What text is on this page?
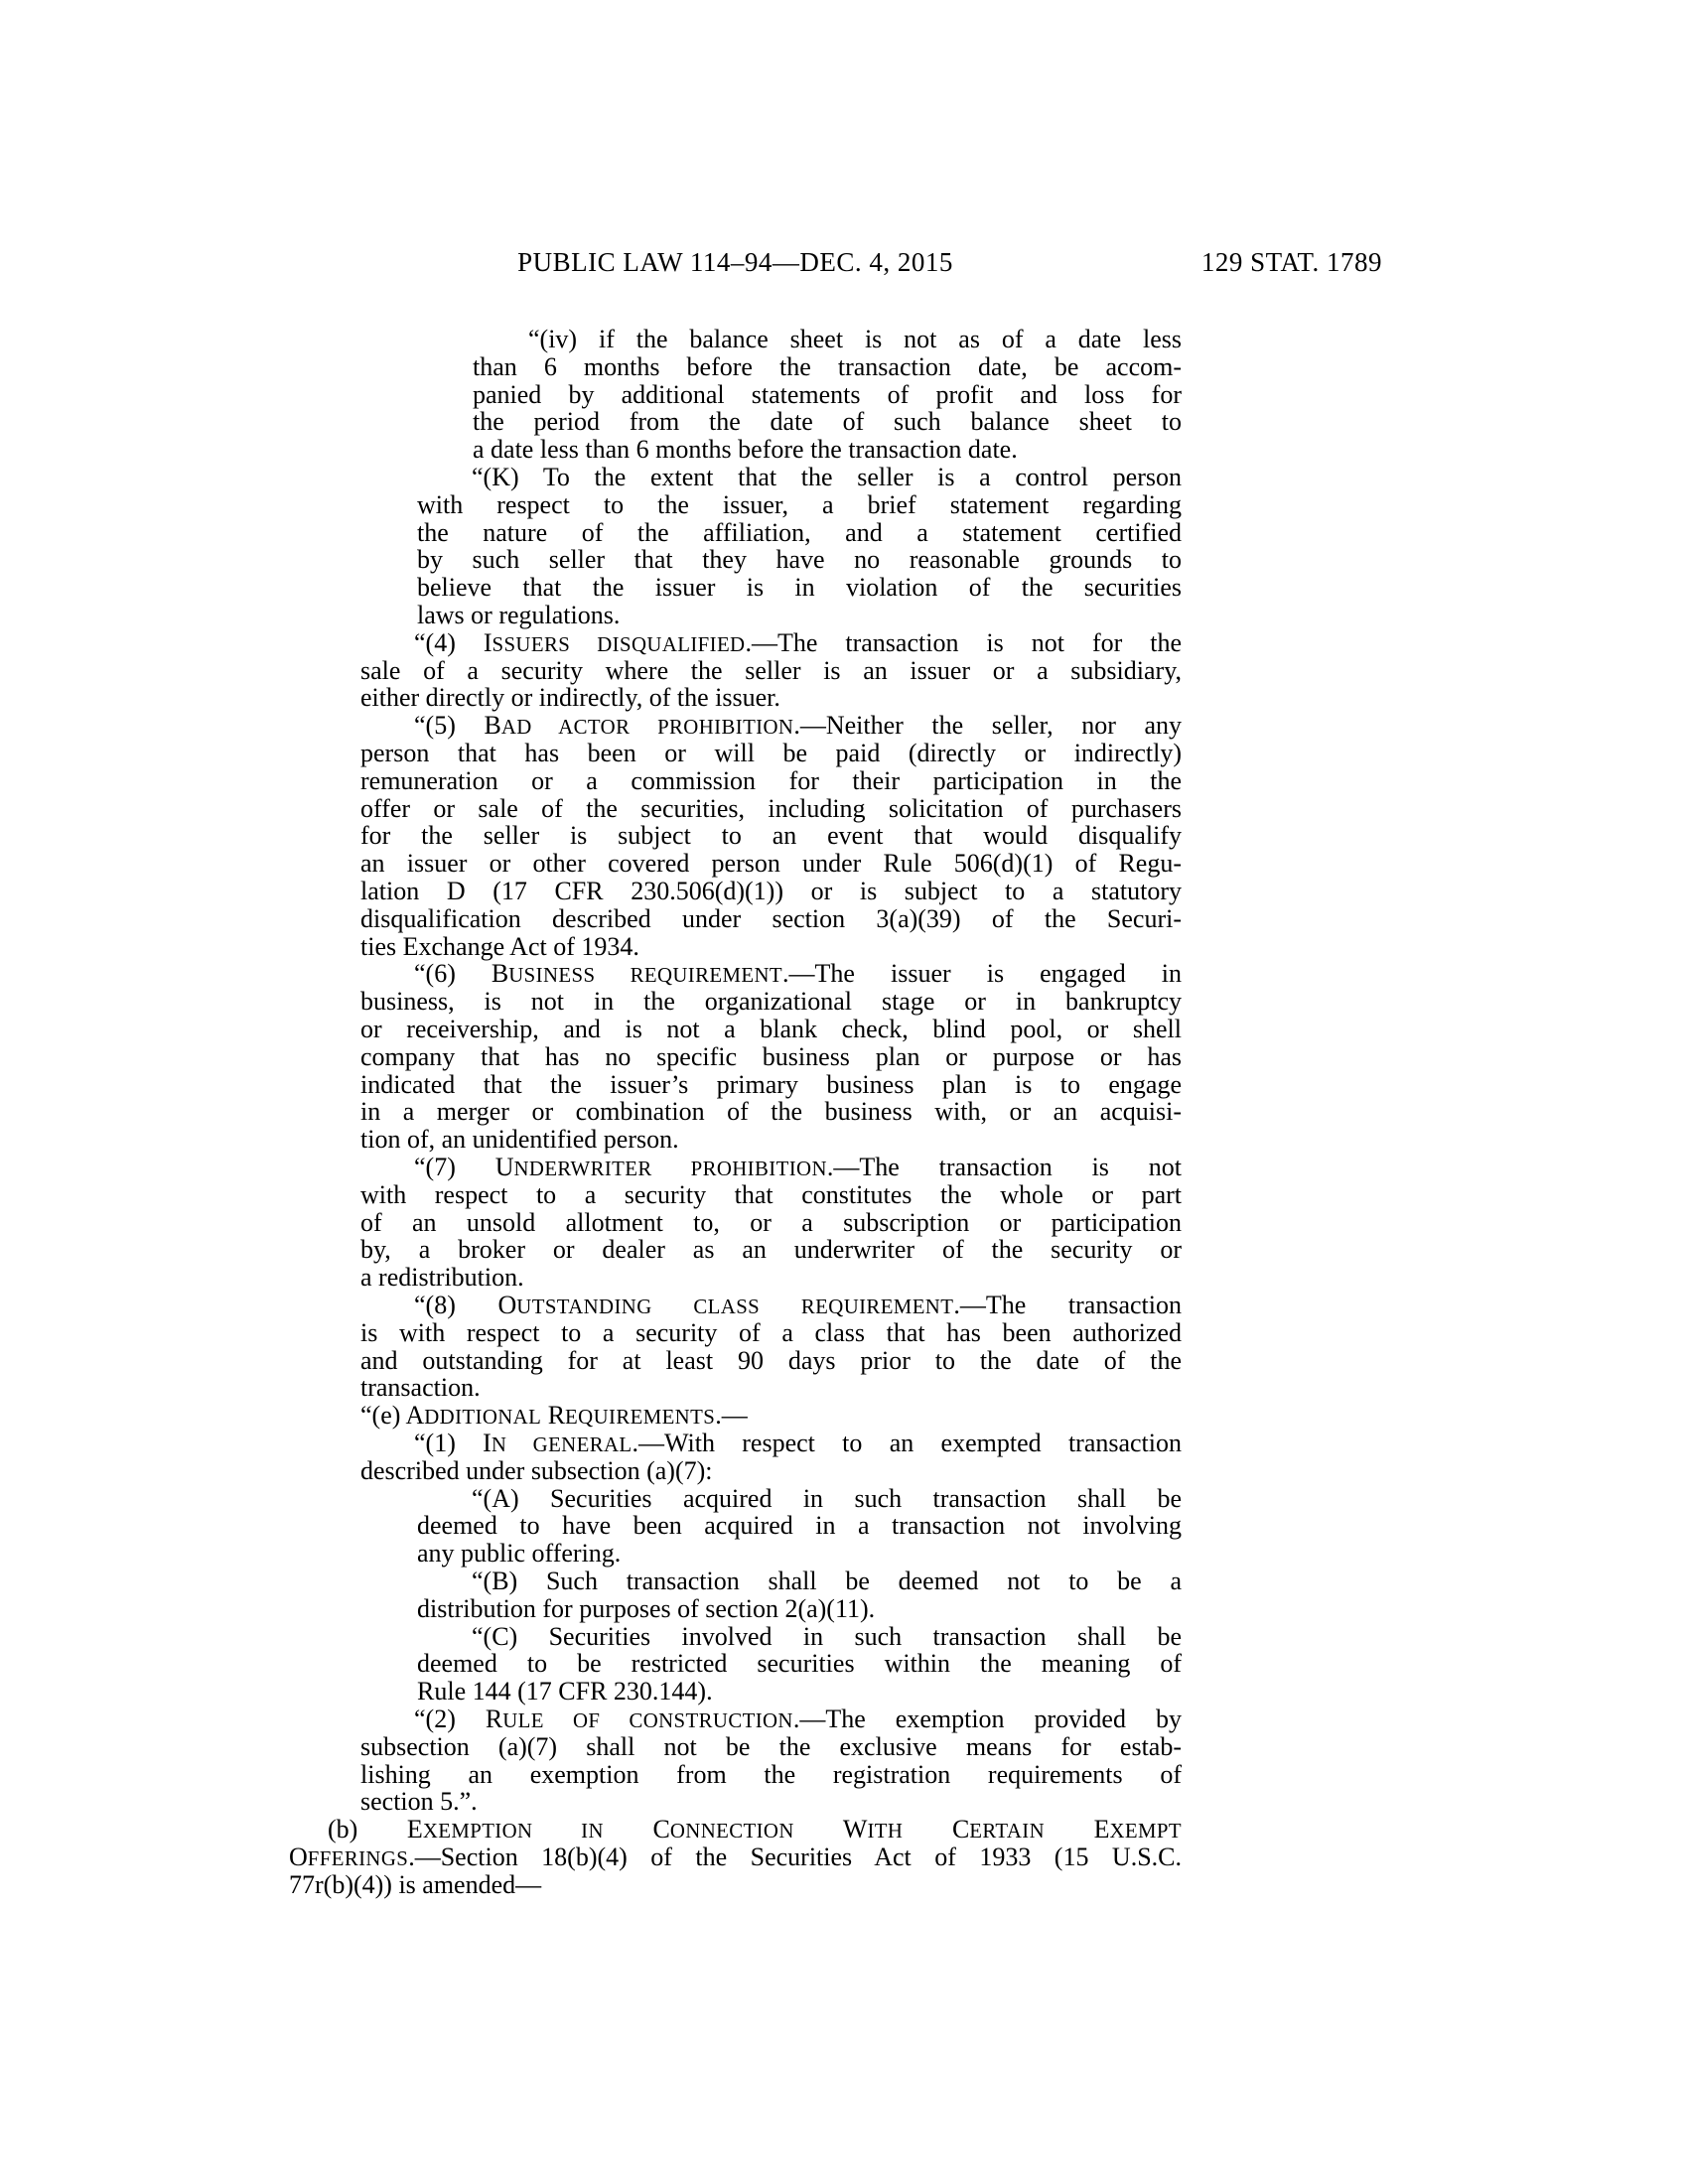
PUBLIC LAW 114–94—DEC. 4, 2015	129 STAT. 1789
“(iv) if the balance sheet is not as of a date less
than 6 months before the transaction date, be accom-
panied by additional statements of profit and loss for
the period from the date of such balance sheet to
a date less than 6 months before the transaction date.
“(K) To the extent that the seller is a control person
with respect to the issuer, a brief statement regarding
the nature of the affiliation, and a statement certified
by such seller that they have no reasonable grounds to
believe that the issuer is in violation of the securities
laws or regulations.
“(4) ISSUERS DISQUALIFIED.—The transaction is not for the
sale of a security where the seller is an issuer or a subsidiary,
either directly or indirectly, of the issuer.
“(5) BAD ACTOR PROHIBITION.—Neither the seller, nor any
person that has been or will be paid (directly or indirectly)
remuneration or a commission for their participation in the
offer or sale of the securities, including solicitation of purchasers
for the seller is subject to an event that would disqualify
an issuer or other covered person under Rule 506(d)(1) of Regu-
lation D (17 CFR 230.506(d)(1)) or is subject to a statutory
disqualification described under section 3(a)(39) of the Securi-
ties Exchange Act of 1934.
“(6) BUSINESS REQUIREMENT.—The issuer is engaged in
business, is not in the organizational stage or in bankruptcy
or receivership, and is not a blank check, blind pool, or shell
company that has no specific business plan or purpose or has
indicated that the issuer’s primary business plan is to engage
in a merger or combination of the business with, or an acquisi-
tion of, an unidentified person.
“(7) UNDERWRITER PROHIBITION.—The transaction is not
with respect to a security that constitutes the whole or part
of an unsold allotment to, or a subscription or participation
by, a broker or dealer as an underwriter of the security or
a redistribution.
“(8) OUTSTANDING CLASS REQUIREMENT.—The transaction
is with respect to a security of a class that has been authorized
and outstanding for at least 90 days prior to the date of the
transaction.
“(e) ADDITIONAL REQUIREMENTS.—
“(1) IN GENERAL.—With respect to an exempted transaction
described under subsection (a)(7):
“(A) Securities acquired in such transaction shall be
deemed to have been acquired in a transaction not involving
any public offering.
“(B) Such transaction shall be deemed not to be a
distribution for purposes of section 2(a)(11).
“(C) Securities involved in such transaction shall be
deemed to be restricted securities within the meaning of
Rule 144 (17 CFR 230.144).
“(2) RULE OF CONSTRUCTION.—The exemption provided by
subsection (a)(7) shall not be the exclusive means for estab-
lishing an exemption from the registration requirements of
section 5.”.
(b) EXEMPTION IN CONNECTION WITH CERTAIN EXEMPT
OFFERINGS.—Section 18(b)(4) of the Securities Act of 1933 (15 U.S.C.
77r(b)(4)) is amended—
